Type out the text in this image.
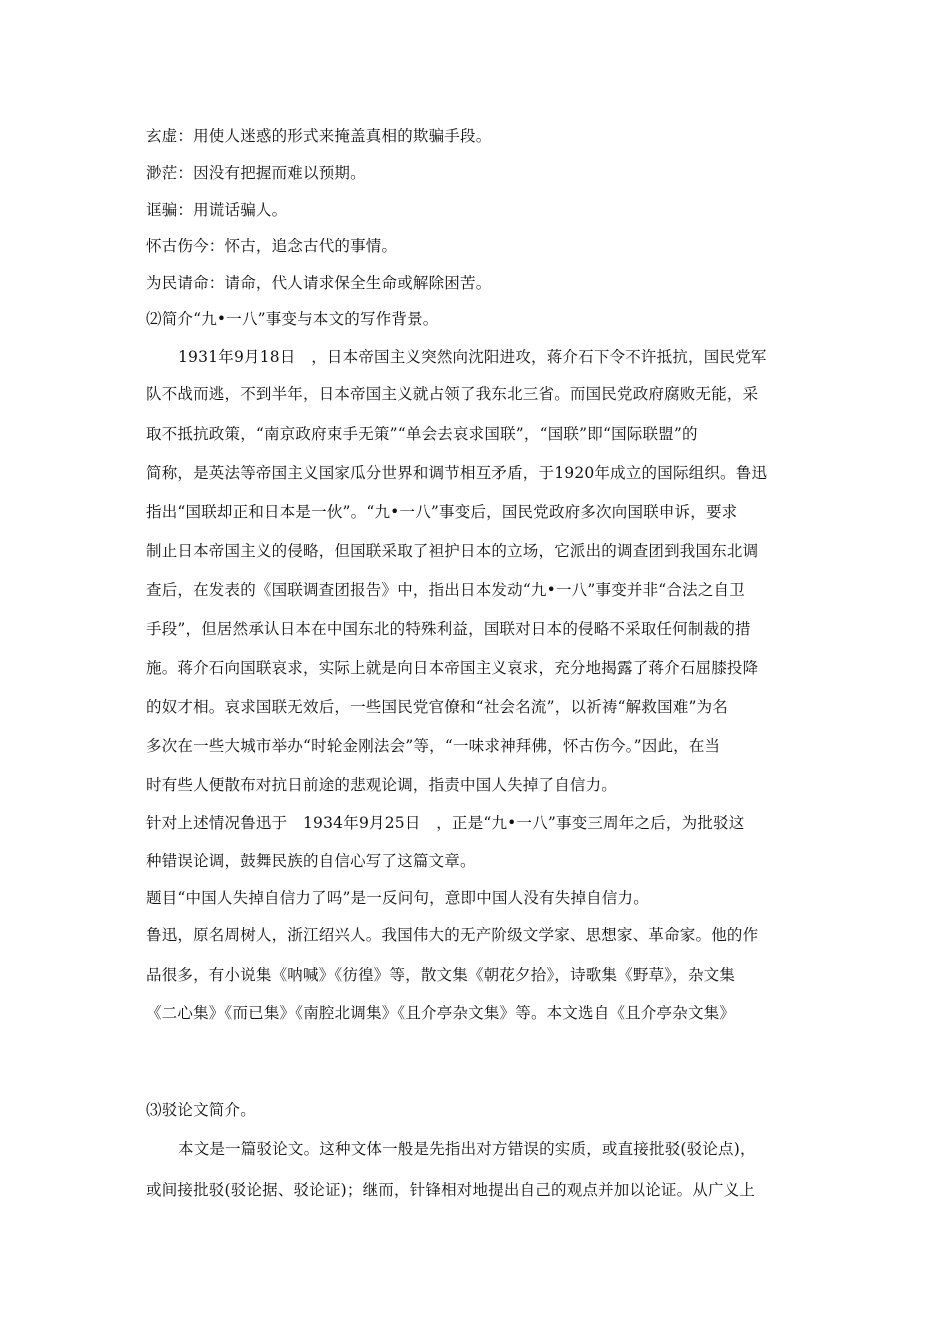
玄虚：用使人迷惑的形式来掩盖真相的欺骗手段。
渺茫：因没有把握而难以预期。
诓骗：用谎话骗人。
怀古伤今：怀古，追念古代的事情。
为民请命：请命，代人请求保全生命或解除困苦。
⑵简介“九•一八”事变与本文的写作背景。
1931年9月18日　，日本帝国主义突然向沈阳进攻，蒋介石下令不许抵抗，国民党军
队不战而逃，不到半年，日本帝国主义就占领了我东北三省。而国民党政府腐败无能，采
取不抵抗政策，“南京政府束手无策”“单会去哀求国联”，“国联”即“国际联盟”的
简称，是英法等帝国主义国家瓜分世界和调节相互矛盾，于1920年成立的国际组织。鲁迅
指出“国联却正和日本是一伙”。“九•一八”事变后，国民党政府多次向国联申诉，要求
制止日本帝国主义的侵略，但国联采取了袒护日本的立场，它派出的调查团到我国东北调
查后，在发表的《国联调查团报告》中，指出日本发动“九•一八”事变并非“合法之自卫
手段”，但居然承认日本在中国东北的特殊利益，国联对日本的侵略不采取任何制裁的措
施。蒋介石向国联哀求，实际上就是向日本帝国主义哀求，充分地揭露了蒋介石屈膝投降
的奴才相。哀求国联无效后，一些国民党官僚和“社会名流”，以祈祷“解救国难”为名
多次在一些大城市举办“时轮金刚法会”等，“一味求神拜佛，怀古伤今。”因此，在当
时有些人便散布对抗日前途的悲观论调，指责中国人失掉了自信力。
针对上述情况鲁迅于　1934年9月25日　，正是“九•一八”事变三周年之后，为批驳这
种错误论调，鼓舞民族的自信心写了这篇文章。
题目“中国人失掉自信力了吗”是一反问句，意即中国人没有失掉自信力。
鲁迅，原名周树人，浙江绍兴人。我国伟大的无产阶级文学家、思想家、革命家。他的作
品很多，有小说集《呐喊》《彷徨》等，散文集《朝花夕拾》，诗歌集《野草》，杂文集
《二心集》《而已集》《南腔北调集》《且介亭杂文集》等。本文选自《且介亭杂文集》
⑶驳论文简介。
本文是一篇驳论文。这种文体一般是先指出对方错误的实质，或直接批驳(驳论点)，
或间接批驳(驳论据、驳论证)；继而，针锋相对地提出自己的观点并加以论证。从广义上
